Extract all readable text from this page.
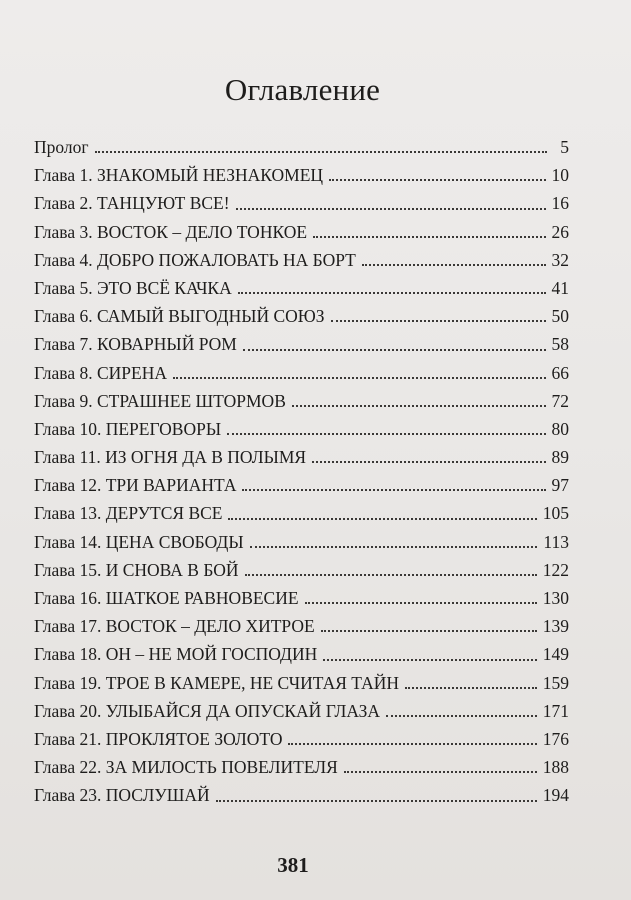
Оглавление
Пролог	5
Глава 1. ЗНАКОМЫЙ НЕЗНАКОМЕЦ	10
Глава 2. ТАНЦУЮТ ВСЕ!	16
Глава 3. ВОСТОК – ДЕЛО ТОНКОЕ	26
Глава 4. ДОБРО ПОЖАЛОВАТЬ НА БОРТ	32
Глава 5. ЭТО ВСЁ КАЧКА	41
Глава 6. САМЫЙ ВЫГОДНЫЙ СОЮЗ	50
Глава 7. КОВАРНЫЙ РОМ	58
Глава 8. СИРЕНА	66
Глава 9. СТРАШНЕЕ ШТОРМОВ	72
Глава 10. ПЕРЕГОВОРЫ	80
Глава 11. ИЗ ОГНЯ ДА В ПОЛЫМЯ	89
Глава 12. ТРИ ВАРИАНТА	97
Глава 13. ДЕРУТСЯ ВСЕ	105
Глава 14. ЦЕНА СВОБОДЫ	113
Глава 15. И СНОВА В БОЙ	122
Глава 16. ШАТКОЕ РАВНОВЕСИЕ	130
Глава 17. ВОСТОК – ДЕЛО ХИТРОЕ	139
Глава 18. ОН – НЕ МОЙ ГОСПОДИН	149
Глава 19. ТРОЕ В КАМЕРЕ, НЕ СЧИТАЯ ТАЙН	159
Глава 20. УЛЫБАЙСЯ ДА ОПУСКАЙ ГЛАЗА	171
Глава 21. ПРОКЛЯТОЕ ЗОЛОТО	176
Глава 22. ЗА МИЛОСТЬ ПОВЕЛИТЕЛЯ	188
Глава 23. ПОСЛУШАЙ	194
381
